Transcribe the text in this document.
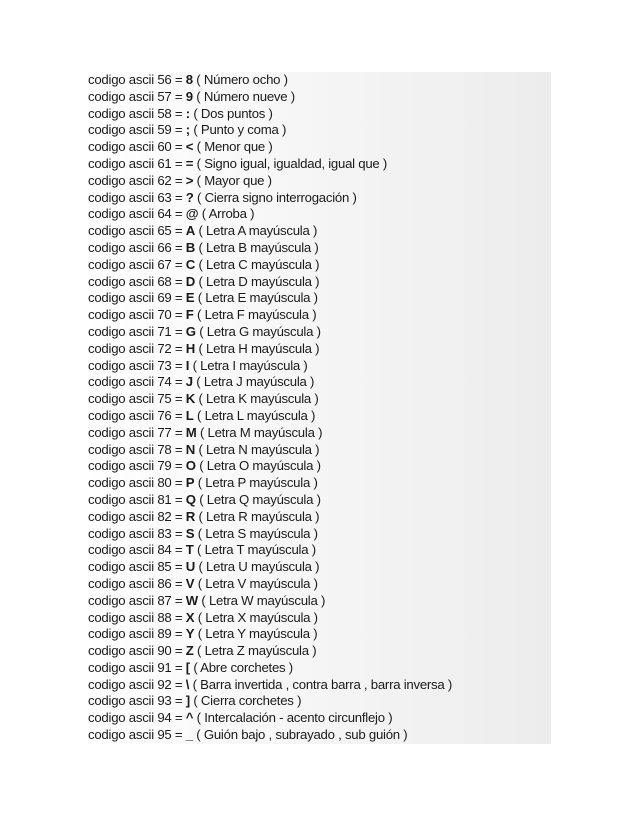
codigo ascii 56 = 8 ( Número ocho )
codigo ascii 57 = 9 ( Número nueve )
codigo ascii 58 = : ( Dos puntos )
codigo ascii 59 = ; ( Punto y coma )
codigo ascii 60 = < ( Menor que )
codigo ascii 61 = = ( Signo igual, igualdad, igual que )
codigo ascii 62 = > ( Mayor que )
codigo ascii 63 = ? ( Cierra signo interrogación )
codigo ascii 64 = @ ( Arroba )
codigo ascii 65 = A ( Letra A mayúscula )
codigo ascii 66 = B ( Letra B mayúscula )
codigo ascii 67 = C ( Letra C mayúscula )
codigo ascii 68 = D ( Letra D mayúscula )
codigo ascii 69 = E ( Letra E mayúscula )
codigo ascii 70 = F ( Letra F mayúscula )
codigo ascii 71 = G ( Letra G mayúscula )
codigo ascii 72 = H ( Letra H mayúscula )
codigo ascii 73 = I ( Letra I mayúscula )
codigo ascii 74 = J ( Letra J mayúscula )
codigo ascii 75 = K ( Letra K mayúscula )
codigo ascii 76 = L ( Letra L mayúscula )
codigo ascii 77 = M ( Letra M mayúscula )
codigo ascii 78 = N ( Letra N mayúscula )
codigo ascii 79 = O ( Letra O mayúscula )
codigo ascii 80 = P ( Letra P mayúscula )
codigo ascii 81 = Q ( Letra Q mayúscula )
codigo ascii 82 = R ( Letra R mayúscula )
codigo ascii 83 = S ( Letra S mayúscula )
codigo ascii 84 = T ( Letra T mayúscula )
codigo ascii 85 = U ( Letra U mayúscula )
codigo ascii 86 = V ( Letra V mayúscula )
codigo ascii 87 = W ( Letra W mayúscula )
codigo ascii 88 = X ( Letra X mayúscula )
codigo ascii 89 = Y ( Letra Y mayúscula )
codigo ascii 90 = Z ( Letra Z mayúscula )
codigo ascii 91 = [ ( Abre corchetes )
codigo ascii 92 = \ ( Barra invertida , contra barra , barra inversa )
codigo ascii 93 = ] ( Cierra corchetes )
codigo ascii 94 = ^ ( Intercalación - acento circunflejo )
codigo ascii 95 = _ ( Guión bajo , subrayado , sub guión )
